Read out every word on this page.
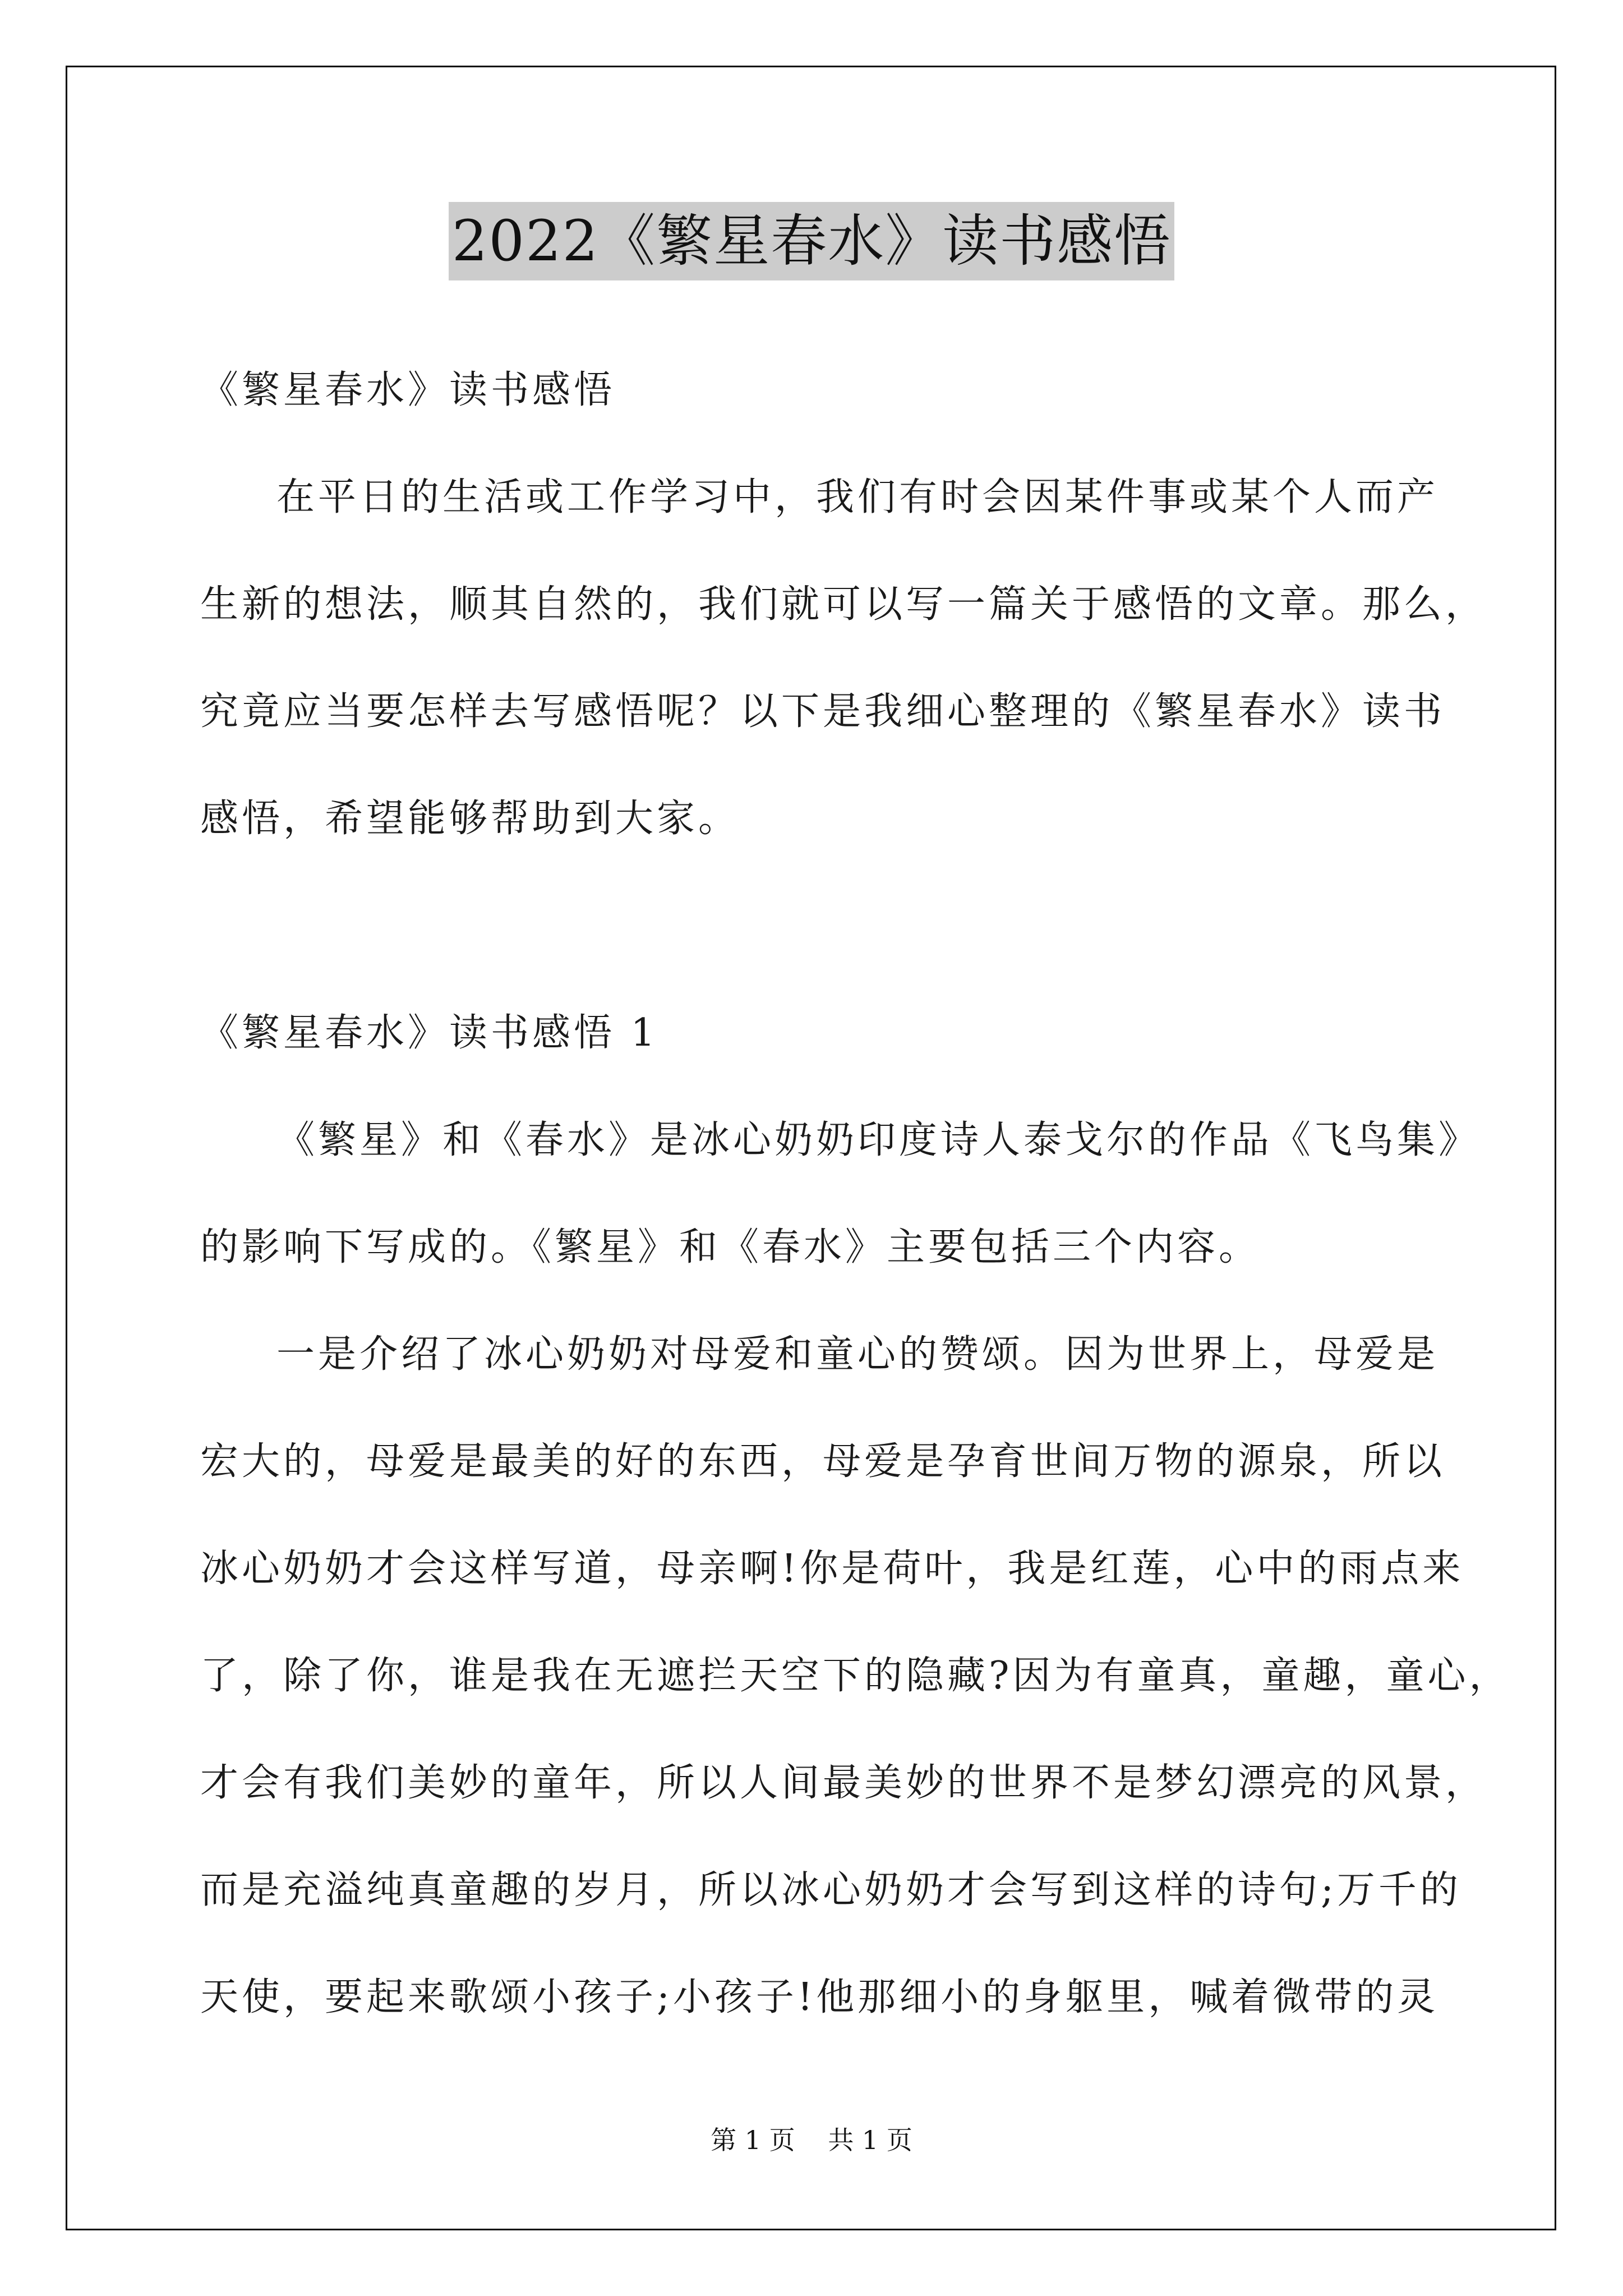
2022《繁星春水》读书感悟
《繁星春水》读书感悟
在平日的生活或工作学习中，我们有时会因某件事或某个人而产
生新的想法，顺其自然的，我们就可以写一篇关于感悟的文章。那么，
究竟应当要怎样去写感悟呢？以下是我细心整理的《繁星春水》读书
感悟，希望能够帮助到大家。
《繁星春水》读书感悟 1
《繁星》和《春水》是冰心奶奶印度诗人泰戈尔的作品《飞鸟集》
的影响下写成的。《繁星》和《春水》主要包括三个内容。
一是介绍了冰心奶奶对母爱和童心的赞颂。因为世界上，母爱是
宏大的，母爱是最美的好的东西，母爱是孕育世间万物的源泉，所以
冰心奶奶才会这样写道，母亲啊!你是荷叶，我是红莲，心中的雨点来
了，除了你，谁是我在无遮拦天空下的隐藏?因为有童真，童趣，童心，
才会有我们美妙的童年，所以人间最美妙的世界不是梦幻漂亮的风景，
而是充溢纯真童趣的岁月，所以冰心奶奶才会写到这样的诗句;万千的
天使，要起来歌颂小孩子;小孩子!他那细小的身躯里，喊着微带的灵
第 1 页 共 1 页
